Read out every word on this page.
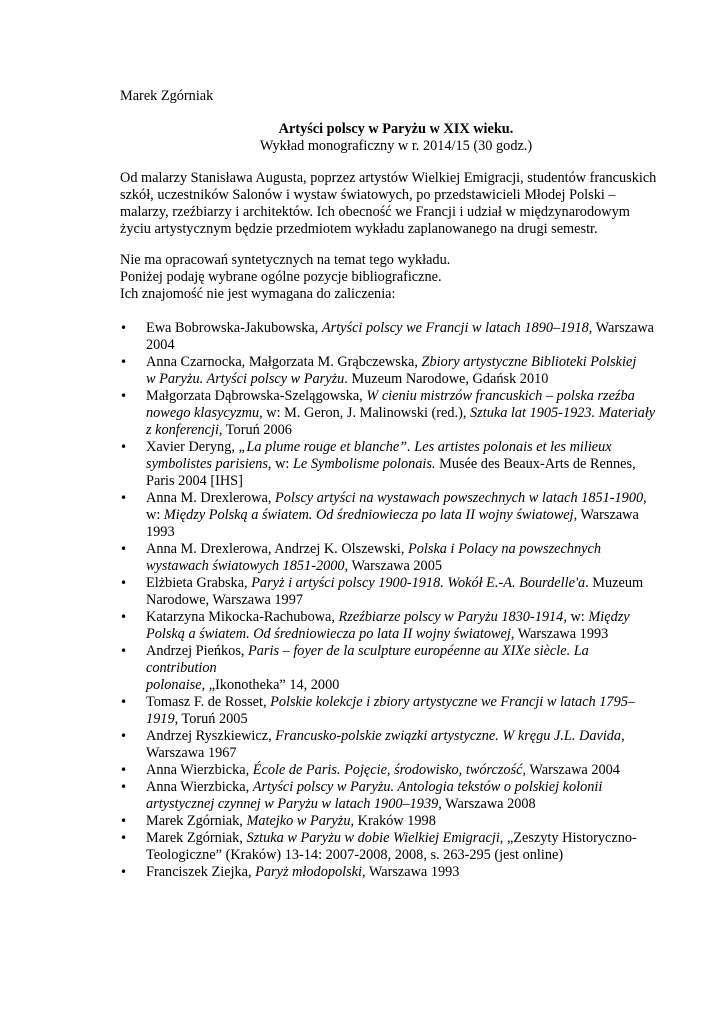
Marek Zgórniak
Artyści polscy w Paryżu w XIX wieku.
Wykład monograficzny w r. 2014/15 (30 godz.)
Od malarzy Stanisława Augusta, poprzez artystów Wielkiej Emigracji, studentów francuskich
szkół, uczestników Salonów i wystaw światowych, po przedstawicieli Młodej Polski –
malarzy, rzeźbiarzy i architektów. Ich obecność we Francji i udział w międzynarodowym
życiu artystycznym będzie przedmiotem wykładu zaplanowanego na drugi semestr.
Nie ma opracowań syntetycznych na temat tego wykładu.
Poniżej podaję wybrane ogólne pozycje bibliograficzne.
Ich znajomość nie jest wymagana do zaliczenia:
• Ewa Bobrowska-Jakubowska, Artyści polscy we Francji w latach 1890–1918, Warszawa
2004
• Anna Czarnocka, Małgorzata M. Grąbczewska, Zbiory artystyczne Biblioteki Polskiej
w Paryżu. Artyści polscy w Paryżu. Muzeum Narodowe, Gdańsk 2010
• Małgorzata Dąbrowska-Szelągowska, W cieniu mistrzów francuskich – polska rzeźba
nowego klasycyzmu, w: M. Geron, J. Malinowski (red.), Sztuka lat 1905-1923. Materiały
z konferencji, Toruń 2006
• Xavier Deryng, „La plume rouge et blanche”. Les artistes polonais et les milieux
symbolistes parisiens, w: Le Symbolisme polonais. Musée des Beaux-Arts de Rennes,
Paris 2004 [IHS]
• Anna M. Drexlerowa, Polscy artyści na wystawach powszechnych w latach 1851-1900,
w: Między Polską a światem. Od średniowiecza po lata II wojny światowej, Warszawa
1993
• Anna M. Drexlerowa, Andrzej K. Olszewski, Polska i Polacy na powszechnych
wystawach światowych 1851-2000, Warszawa 2005
• Elżbieta Grabska, Paryż i artyści polscy 1900-1918. Wokół E.-A. Bourdelle'a. Muzeum
Narodowe, Warszawa 1997
• Katarzyna Mikocka-Rachubowa, Rzeźbiarze polscy w Paryżu 1830-1914, w: Między
Polską a światem. Od średniowiecza po lata II wojny światowej, Warszawa 1993
• Andrzej Pieńkos, Paris – foyer de la sculpture européenne au XIXe siècle. La contribution
polonaise, „Ikonotheka” 14, 2000
• Tomasz F. de Rosset, Polskie kolekcje i zbiory artystyczne we Francji w latach 1795–
1919, Toruń 2005
• Andrzej Ryszkiewicz, Francusko-polskie związki artystyczne. W kręgu J.L. Davida,
Warszawa 1967
• Anna Wierzbicka, École de Paris. Pojęcie, środowisko, twórczość, Warszawa 2004
• Anna Wierzbicka, Artyści polscy w Paryżu. Antologia tekstów o polskiej kolonii
artystycznej czynnej w Paryżu w latach 1900–1939, Warszawa 2008
• Marek Zgórniak, Matejko w Paryżu, Kraków 1998
• Marek Zgórniak, Sztuka w Paryżu w dobie Wielkiej Emigracji, „Zeszyty Historyczno-
Teologiczne” (Kraków) 13-14: 2007-2008, 2008, s. 263-295 (jest online)
• Franciszek Ziejka, Paryż młodopolski, Warszawa 1993
